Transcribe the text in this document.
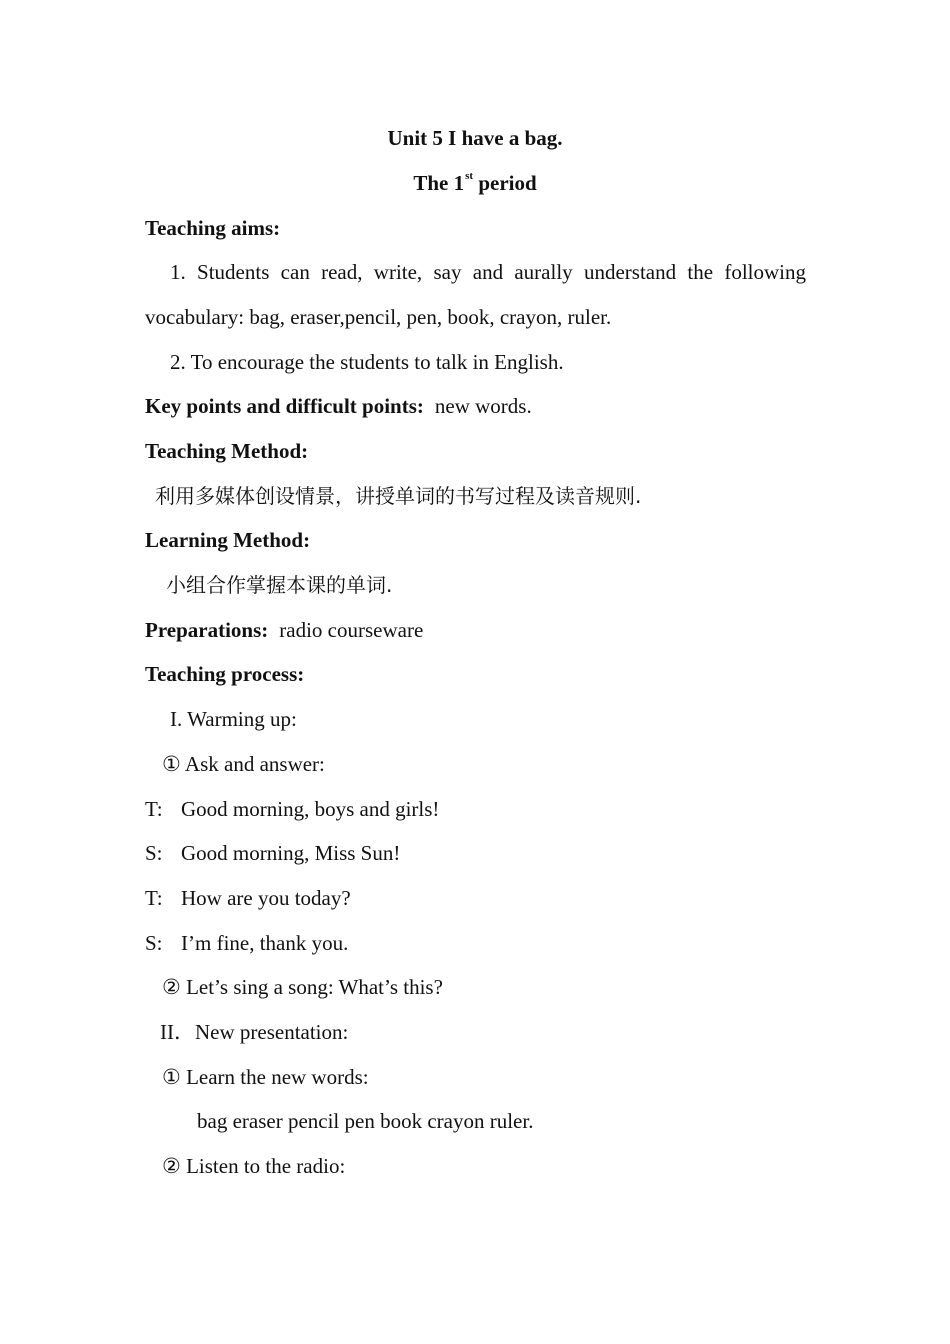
Unit 5 I have a bag.
The 1st period
Teaching aims:
1. Students can read, write, say and aurally understand the following
vocabulary: bag, eraser,pencil, pen, book, crayon, ruler.
2. To encourage the students to talk in English.
Key points and difficult points: new words.
Teaching Method:
利用多媒体创设情景，讲授单词的书写过程及读音规则.
Learning Method:
小组合作掌握本课的单词.
Preparations: radio courseware
Teaching process:
I. Warming up:
① Ask and answer:
T: Good morning, boys and girls!
S: Good morning, Miss Sun!
T: How are you today?
S: I’m fine, thank you.
② Let’s sing a song: What’s this?
II．New presentation:
① Learn the new words:
bag eraser pencil pen book crayon ruler.
② Listen to the radio:
